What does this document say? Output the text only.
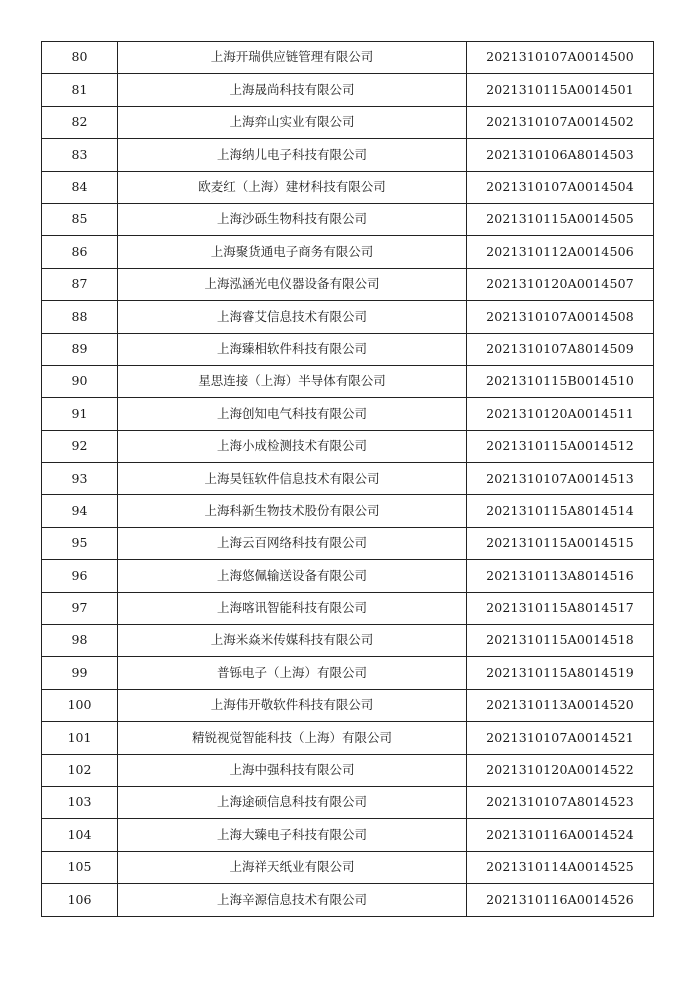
80	上海开瑞供应链管理有限公司	2021310107A0014500
81	上海晟尚科技有限公司	2021310115A0014501
82	上海弈山实业有限公司	2021310107A0014502
83	上海纳儿电子科技有限公司	2021310106A8014503
84	欧麦红（上海）建材科技有限公司	2021310107A0014504
85	上海沙砾生物科技有限公司	2021310115A0014505
86	上海聚货通电子商务有限公司	2021310112A0014506
87	上海泓涵光电仪器设备有限公司	2021310120A0014507
88	上海睿艾信息技术有限公司	2021310107A0014508
89	上海臻相软件科技有限公司	2021310107A8014509
90	星思连接（上海）半导体有限公司	2021310115B0014510
91	上海创知电气科技有限公司	2021310120A0014511
92	上海小成检测技术有限公司	2021310115A0014512
93	上海昊钰软件信息技术有限公司	2021310107A0014513
94	上海科新生物技术股份有限公司	2021310115A8014514
95	上海云百网络科技有限公司	2021310115A0014515
96	上海悠佩输送设备有限公司	2021310113A8014516
97	上海喀讯智能科技有限公司	2021310115A8014517
98	上海米焱米传媒科技有限公司	2021310115A0014518
99	普铄电子（上海）有限公司	2021310115A8014519
100	上海伟开敬软件科技有限公司	2021310113A0014520
101	精锐视觉智能科技（上海）有限公司	2021310107A0014521
102	上海中强科技有限公司	2021310120A0014522
103	上海途硕信息科技有限公司	2021310107A8014523
104	上海大臻电子科技有限公司	2021310116A0014524
105	上海祥天纸业有限公司	2021310114A0014525
106	上海辛源信息技术有限公司	2021310116A0014526
